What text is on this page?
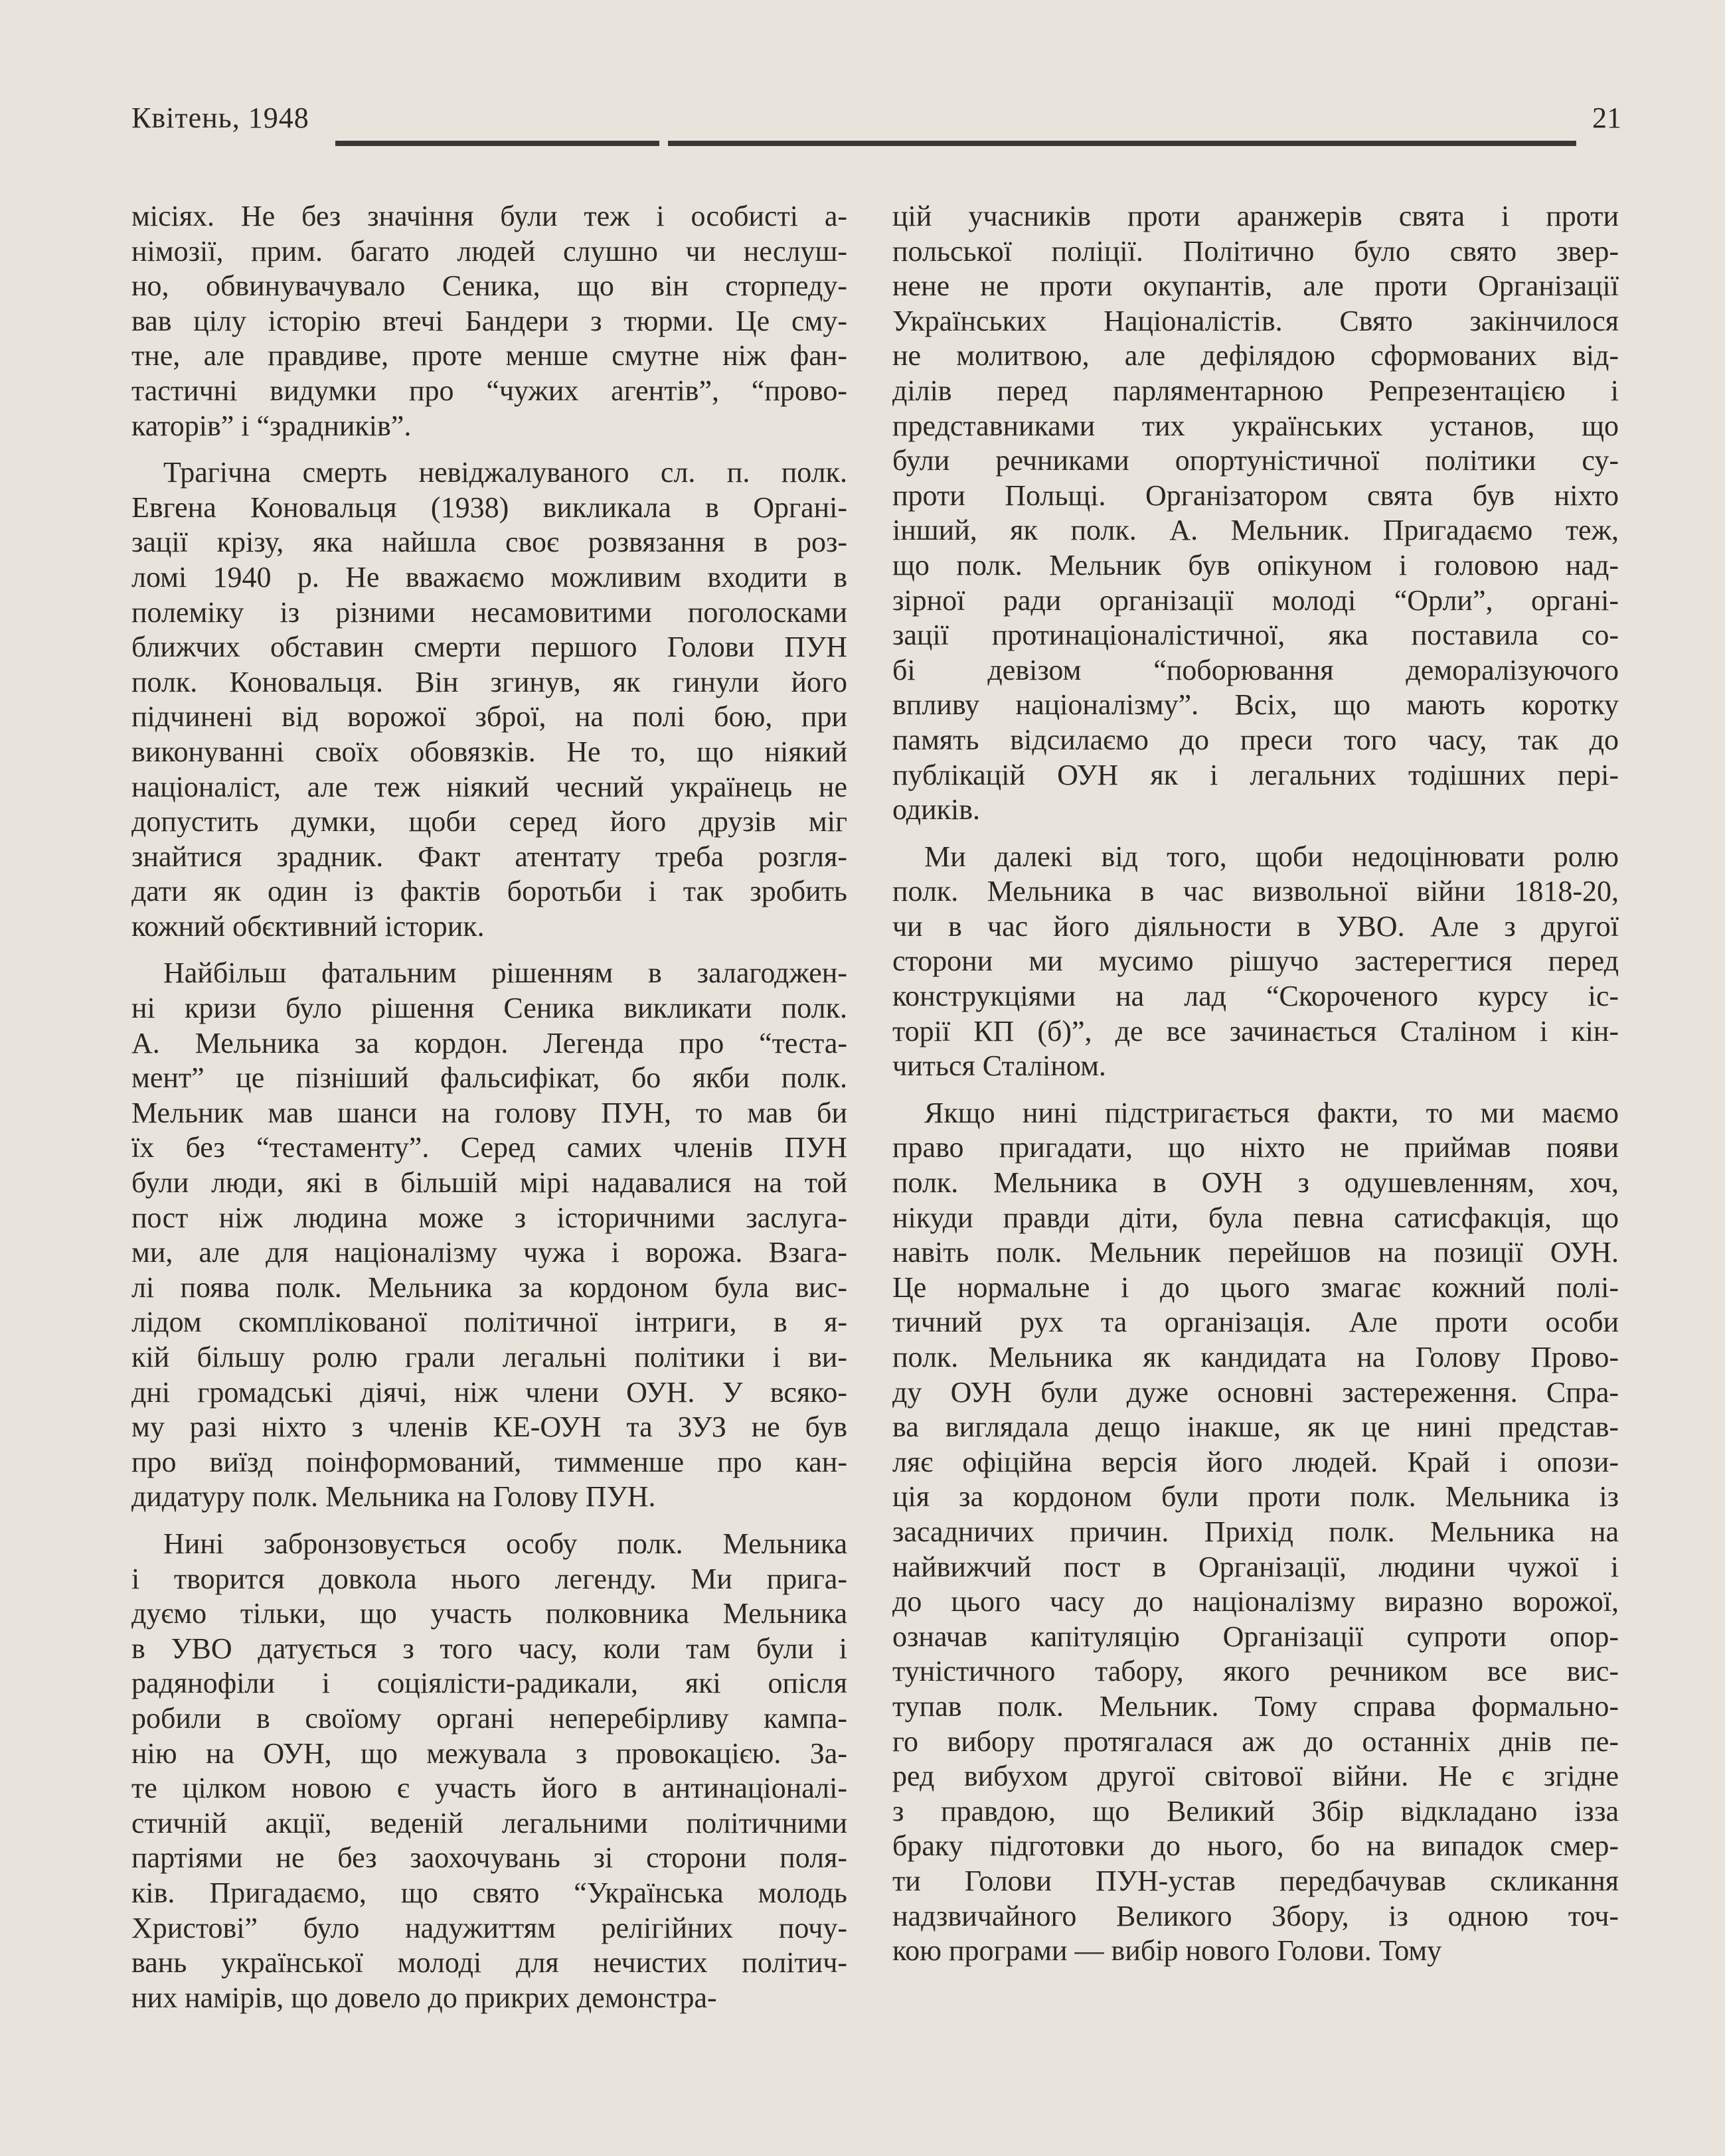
Квітень, 1948	21
місіях. Не без значіння були теж і особисті а-
німозії, прим. багато людей слушно чи неслуш-
но, обвинувачувало Сеника, що він сторпеду-
вав цілу історію втечі Бандери з тюрми. Це сму-
тне, але правдиве, проте менше смутне ніж фан-
тастичні видумки про “чужих агентів”, “прово-
каторів” і “зрадників”.
Трагічна смерть невіджалуваного сл. п. полк.
Евгена Коновальця (1938) викликала в Органі-
зації крізу, яка найшла своє розвязання в роз-
ломі 1940 р. Не вважаємо можливим входити в
полеміку із різними несамовитими поголосками
ближчих обставин смерти першого Голови ПУН
полк. Коновальця. Він згинув, як гинули його
підчинені від ворожої зброї, на полі бою, при
виконуванні своїх обовязків. Не то, що ніякий
націоналіст, але теж ніякий чесний українець не
допустить думки, щоби серед його друзів міг
знайтися зрадник. Факт атентату треба розгля-
дати як один із фактів боротьби і так зробить
кожний обєктивний історик.
Найбільш фатальним рішенням в залагоджен-
ні кризи було рішення Сеника викликати полк.
А. Мельника за кордон. Легенда про “теста-
мент” це пізніший фальсифікат, бо якби полк.
Мельник мав шанси на голову ПУН, то мав би
їх без “тестаменту”. Серед самих членів ПУН
були люди, які в більшій мірі надавалися на той
пост ніж людина може з історичними заслуга-
ми, але для націоналізму чужа і ворожа. Взага-
лі поява полк. Мельника за кордоном була вис-
лідом скомплікованої політичної інтриги, в я-
кій більшу ролю грали легальні політики і ви-
дні громадські діячі, ніж члени ОУН. У всяко-
му разі ніхто з членів КЕ-ОУН та ЗУЗ не був
про виїзд поінформований, тимменше про кан-
дидатуру полк. Мельника на Голову ПУН.
Нині забронзовується особу полк. Мельника
і творится довкола нього легенду. Ми прига-
дуємо тільки, що участь полковника Мельника
в УВО датується з того часу, коли там були і
радянофіли і соціялісти-радикали, які опісля
робили в своїому органі неперебірливу кампа-
нію на ОУН, що межувала з провокацією. За-
те цілком новою є участь його в антинаціоналі-
стичній акції, веденій легальними політичними
партіями не без заохочувань зі сторони поля-
ків. Пригадаємо, що свято “Українська молодь
Христові” було надужиттям релігійних почу-
вань української молоді для нечистих політич-
них намірів, що довело до прикрих демонстра-
цій учасників проти аранжерів свята і проти
польської поліції. Політично було свято звер-
нене не проти окупантів, але проти Організації
Українських Націоналістів. Свято закінчилося
не молитвою, але дефілядою сформованих від-
ділів перед парляментарною Репрезентацією і
представниками тих українських установ, що
були речниками опортуністичної політики су-
проти Польщі. Організатором свята був ніхто
інший, як полк. А. Мельник. Пригадаємо теж,
що полк. Мельник був опікуном і головою над-
зірної ради організації молоді “Орли”, органі-
зації протинаціоналістичної, яка поставила со-
бі девізом “поборювання деморалізуючого
впливу націоналізму”. Всіх, що мають коротку
память відсилаємо до преси того часу, так до
публікацій ОУН як і легальних тодішних пері-
одиків.
Ми далекі від того, щоби недоцінювати ролю
полк. Мельника в час визвольної війни 1818-20,
чи в час його діяльности в УВО. Але з другої
сторони ми мусимо рішучо застерегтися перед
конструкціями на лад “Скороченого курсу іс-
торії КП (б)”, де все зачинається Сталіном і кін-
читься Сталіном.
Якщо нині підстригається факти, то ми маємо
право пригадати, що ніхто не приймав появи
полк. Мельника в ОУН з одушевленням, хоч,
нікуди правди діти, була певна сатисфакція, що
навіть полк. Мельник перейшов на позиції ОУН.
Це нормальне і до цього змагає кожний полі-
тичний рух та організація. Але проти особи
полк. Мельника як кандидата на Голову Прово-
ду ОУН були дуже основні застереження. Спра-
ва виглядала дещо інакше, як це нині представ-
ляє офіційна версія його людей. Край і опози-
ція за кордоном були проти полк. Мельника із
засадничих причин. Прихід полк. Мельника на
найвижчий пост в Організації, людини чужої і
до цього часу до націоналізму виразно ворожої,
означав капітуляцію Організації супроти опор-
туністичного табору, якого речником все вис-
тупав полк. Мельник. Тому справа формально-
го вибору протягалася аж до останніх днів пе-
ред вибухом другої світової війни. Не є згідне
з правдою, що Великий Збір відкладано ізза
браку підготовки до нього, бо на випадок смер-
ти Голови ПУН-устав передбачував скликання
надзвичайного Великого Збору, із одною точ-
кою програми — вибір нового Голови. Тому
